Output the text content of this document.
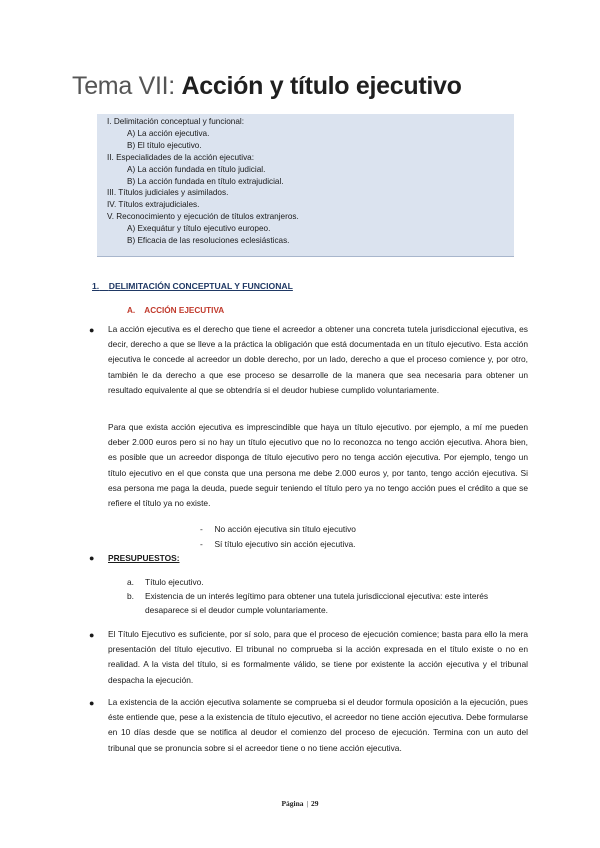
Tema VII: Acción y título ejecutivo
I. Delimitación conceptual y funcional:
A) La acción ejecutiva.
B) El título ejecutivo.
II. Especialidades de la acción ejecutiva:
A) La acción fundada en título judicial.
B) La acción fundada en título extrajudicial.
III. Títulos judiciales y asimilados.
IV. Títulos extrajudiciales.
V. Reconocimiento y ejecución de títulos extranjeros.
A) Exequátur y título ejecutivo europeo.
B) Eficacia de las resoluciones eclesiásticas.
1. DELIMITACIÓN CONCEPTUAL Y FUNCIONAL
A. ACCIÓN EJECUTIVA
● La acción ejecutiva es el derecho que tiene el acreedor a obtener una concreta tutela jurisdiccional ejecutiva, es decir, derecho a que se lleve a la práctica la obligación que está documentada en un título ejecutivo. Esta acción ejecutiva le concede al acreedor un doble derecho, por un lado, derecho a que el proceso comience y, por otro, también le da derecho a que ese proceso se desarrolle de la manera que sea necesaria para obtener un resultado equivalente al que se obtendría si el deudor hubiese cumplido voluntariamente.
Para que exista acción ejecutiva es imprescindible que haya un título ejecutivo. por ejemplo, a mí me pueden deber 2.000 euros pero si no hay un título ejecutivo que no lo reconozca no tengo acción ejecutiva. Ahora bien, es posible que un acreedor disponga de título ejecutivo pero no tenga acción ejecutiva. Por ejemplo, tengo un título ejecutivo en el que consta que una persona me debe 2.000 euros y, por tanto, tengo acción ejecutiva. Si esa persona me paga la deuda, puede seguir teniendo el título pero ya no tengo acción pues el crédito a que se refiere el título ya no existe.
-     No acción ejecutiva sin título ejecutivo
-     Sí título ejecutivo sin acción ejecutiva.
● PRESUPUESTOS:
a. Título ejecutivo.
b. Existencia de un interés legítimo para obtener una tutela jurisdiccional ejecutiva: este interés desaparece si el deudor cumple voluntariamente.
● El Título Ejecutivo es suficiente, por sí solo, para que el proceso de ejecución comience; basta para ello la mera presentación del título ejecutivo. El tribunal no comprueba si la acción expresada en el título existe o no en realidad. A la vista del título, si es formalmente válido, se tiene por existente la acción ejecutiva y el tribunal despacha la ejecución.
● La existencia de la acción ejecutiva solamente se comprueba si el deudor formula oposición a la ejecución, pues éste entiende que, pese a la existencia de título ejecutivo, el acreedor no tiene acción ejecutiva. Debe formularse en 10 días desde que se notifica al deudor el comienzo del proceso de ejecución. Termina con un auto del tribunal que se pronuncia sobre si el acreedor tiene o no tiene acción ejecutiva.
Página | 29
